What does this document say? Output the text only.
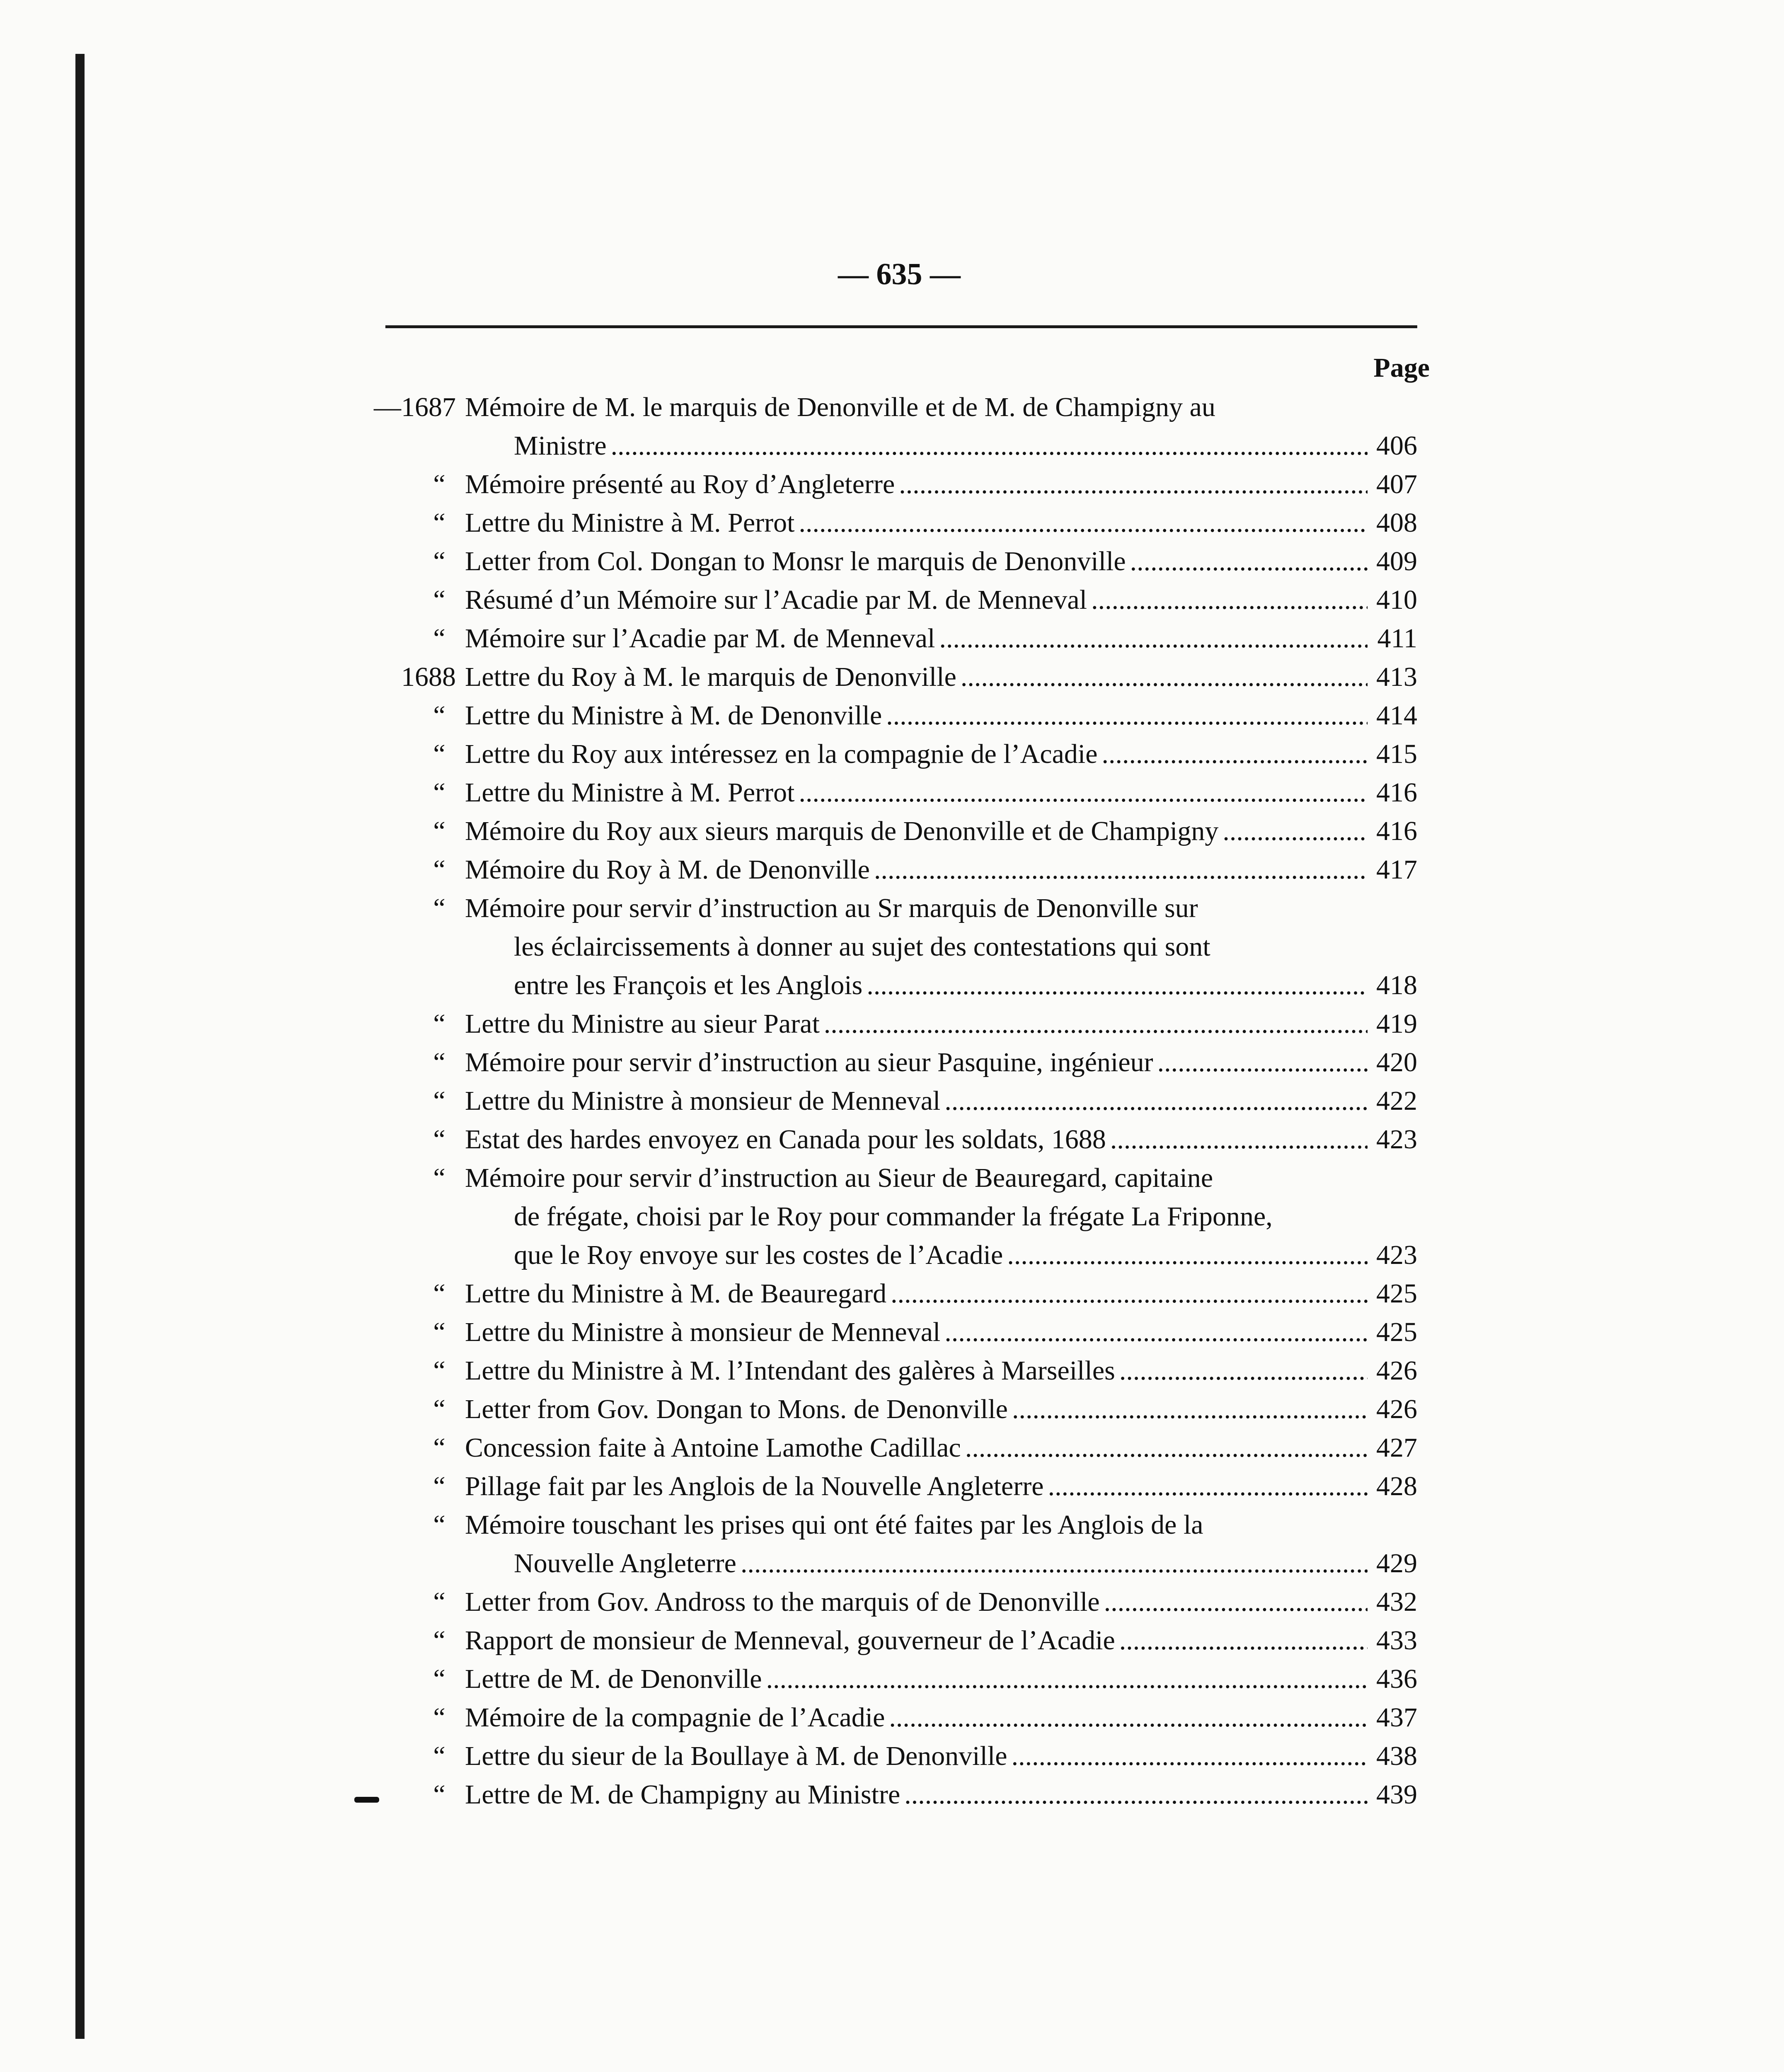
— 635 —
Page
—1687 Mémoire de M. le marquis de Denonville et de M. de Champigny au
Ministre .....	406
“ Mémoire présenté au Roy d’Angleterre .....	407
“ Lettre du Ministre à M. Perrot .....	408
“ Letter from Col. Dongan to Monsr le marquis de Denonville .....	409
“ Résumé d’un Mémoire sur l’Acadie par M. de Menneval .....	410
“ Mémoire sur l’Acadie par M. de Menneval .....	411
1688 Lettre du Roy à M. le marquis de Denonville .....	413
“ Lettre du Ministre à M. de Denonville .....	414
“ Lettre du Roy aux intéressez en la compagnie de l’Acadie .....	415
“ Lettre du Ministre à M. Perrot .....	416
“ Mémoire du Roy aux sieurs marquis de Denonville et de Champigny .....	416
“ Mémoire du Roy à M. de Denonville .....	417
“ Mémoire pour servir d’instruction au Sr marquis de Denonville sur
les éclaircissements à donner au sujet des contestations qui sont
entre les François et les Anglois .....	418
“ Lettre du Ministre au sieur Parat .....	419
“ Mémoire pour servir d’instruction au sieur Pasquine, ingénieur .....	420
“ Lettre du Ministre à monsieur de Menneval .....	422
“ Estat des hardes envoyez en Canada pour les soldats, 1688 .....	423
“ Mémoire pour servir d’instruction au Sieur de Beauregard, capitaine
de frégate, choisi par le Roy pour commander la frégate La Friponne,
que le Roy envoye sur les costes de l’Acadie .....	423
“ Lettre du Ministre à M. de Beauregard .....	425
“ Lettre du Ministre à monsieur de Menneval .....	425
“ Lettre du Ministre à M. l’Intendant des galères à Marseilles .....	426
“ Letter from Gov. Dongan to Mons. de Denonville .....	426
“ Concession faite à Antoine Lamothe Cadillac .....	427
“ Pillage fait par les Anglois de la Nouvelle Angleterre .....	428
“ Mémoire touschant les prises qui ont été faites par les Anglois de la
Nouvelle Angleterre .....	429
“ Letter from Gov. Andross to the marquis of de Denonville .....	432
“ Rapport de monsieur de Menneval, gouverneur de l’Acadie .....	433
“ Lettre de M. de Denonville .....	436
“ Mémoire de la compagnie de l’Acadie .....	437
“ Lettre du sieur de la Boullaye à M. de Denonville .....	438
“ Lettre de M. de Champigny au Ministre .....	439
